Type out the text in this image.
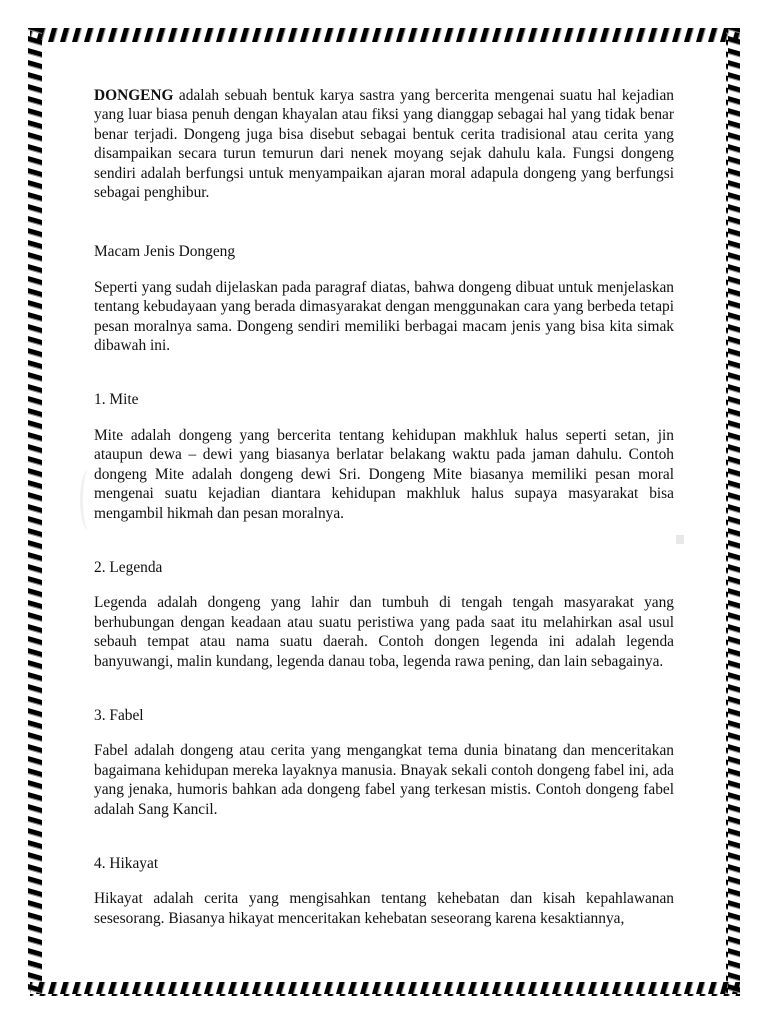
DONGENG adalah sebuah bentuk karya sastra yang bercerita mengenai suatu hal kejadian yang luar biasa penuh dengan khayalan atau fiksi yang dianggap sebagai hal yang tidak benar benar terjadi. Dongeng juga bisa disebut sebagai bentuk cerita tradisional atau cerita yang disampaikan secara turun temurun dari nenek moyang sejak dahulu kala. Fungsi dongeng sendiri adalah berfungsi untuk menyampaikan ajaran moral adapula dongeng yang berfungsi sebagai penghibur.

Macam Jenis Dongeng

Seperti yang sudah dijelaskan pada paragraf diatas, bahwa dongeng dibuat untuk menjelaskan tentang kebudayaan yang berada dimasyarakat dengan menggunakan cara yang berbeda tetapi pesan moralnya sama. Dongeng sendiri memiliki berbagai macam jenis yang bisa kita simak dibawah ini.

1. Mite

Mite adalah dongeng yang bercerita tentang kehidupan makhluk halus seperti setan, jin ataupun dewa – dewi yang biasanya berlatar belakang waktu pada jaman dahulu. Contoh dongeng Mite adalah dongeng dewi Sri. Dongeng Mite biasanya memiliki pesan moral mengenai suatu kejadian diantara kehidupan makhluk halus supaya masyarakat bisa mengambil hikmah dan pesan moralnya.

2. Legenda

Legenda adalah dongeng yang lahir dan tumbuh di tengah tengah masyarakat yang berhubungan dengan keadaan atau suatu peristiwa yang pada saat itu melahirkan asal usul sebauh tempat atau nama suatu daerah. Contoh dongen legenda ini adalah legenda banyuwangi, malin kundang, legenda danau toba, legenda rawa pening, dan lain sebagainya.

3. Fabel

Fabel adalah dongeng atau cerita yang mengangkat tema dunia binatang dan menceritakan bagaimana kehidupan mereka layaknya manusia. Bnayak sekali contoh dongeng fabel ini, ada yang jenaka, humoris bahkan ada dongeng fabel yang terkesan mistis. Contoh dongeng fabel adalah Sang Kancil.

4. Hikayat

Hikayat adalah cerita yang mengisahkan tentang kehebatan dan kisah kepahlawanan sesesorang. Biasanya hikayat menceritakan kehebatan seseorang karena kesaktiannya,
